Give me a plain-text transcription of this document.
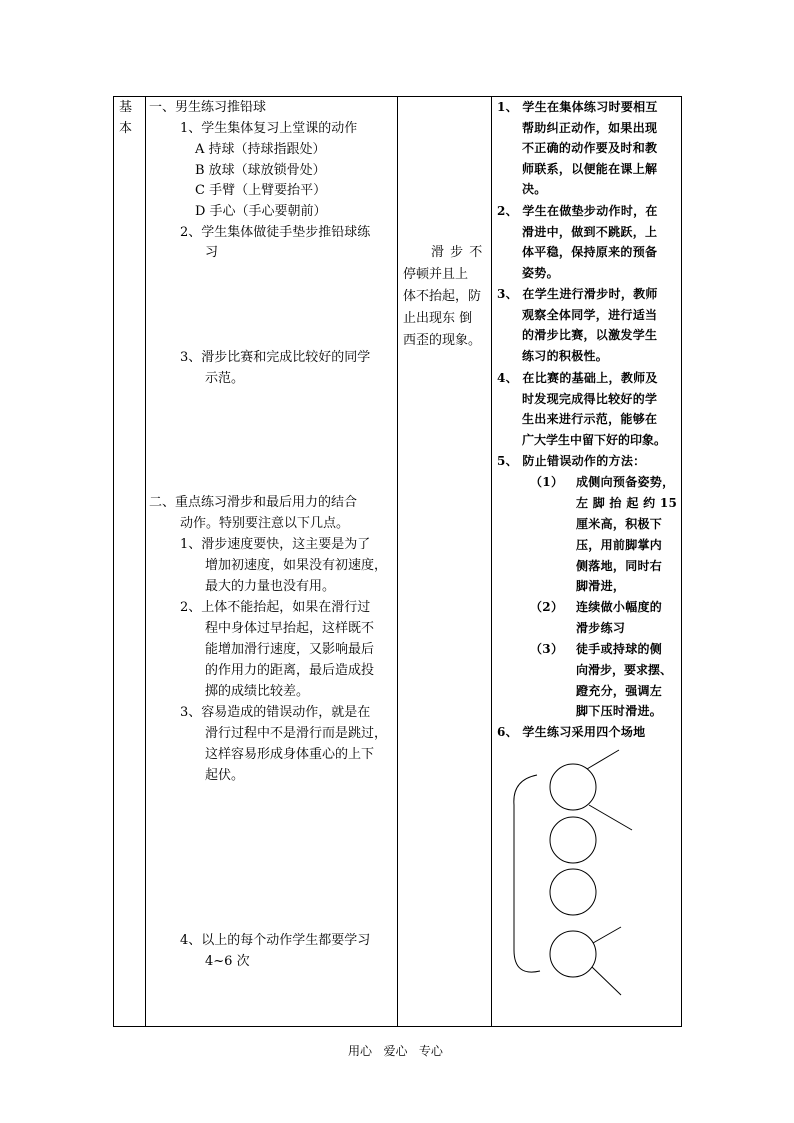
基
本
一、男生练习推铅球
1、学生集体复习上堂课的动作
A 持球（持球指跟处）
B 放球（球放锁骨处）
C 手臂（上臂要抬平）
D 手心（手心要朝前）
2、学生集体做徒手垫步推铅球练
习
3、滑步比赛和完成比较好的同学
示范。
二、重点练习滑步和最后用力的结合
动作。特别要注意以下几点。
1、滑步速度要快，这主要是为了
增加初速度，如果没有初速度，
最大的力量也没有用。
2、上体不能抬起，如果在滑行过
程中身体过早抬起，这样既不
能增加滑行速度，又影响最后
的作用力的距离，最后造成投
掷的成绩比较差。
3、容易造成的错误动作，就是在
滑行过程中不是滑行而是跳过，
这样容易形成身体重心的上下
起伏。
4、以上的每个动作学生都要学习
4~6 次
滑 步 不
停顿并且上
体不抬起，防
止出现东 倒
西歪的现象。
1、 学生在集体练习时要相互
帮助纠正动作，如果出现
不正确的动作要及时和教
师联系，以便能在课上解
决。
2、 学生在做垫步动作时，在
滑进中，做到不跳跃，上
体平稳，保持原来的预备
姿势。
3、 在学生进行滑步时，教师
观察全体同学，进行适当
的滑步比赛，以激发学生
练习的积极性。
4、 在比赛的基础上，教师及
时发现完成得比较好的学
生出来进行示范，能够在
广大学生中留下好的印象。
5、 防止错误动作的方法：
（1） 成侧向预备姿势，
左 脚 抬 起 约 15
厘米高，积极下
压，用前脚掌内
侧落地，同时右
脚滑进，
（2） 连续做小幅度的
滑步练习
（3） 徒手或持球的侧
向滑步，要求摆、
蹬充分，强调左
脚下压时滑进。
6、 学生练习采用四个场地
用心   爱心   专心
